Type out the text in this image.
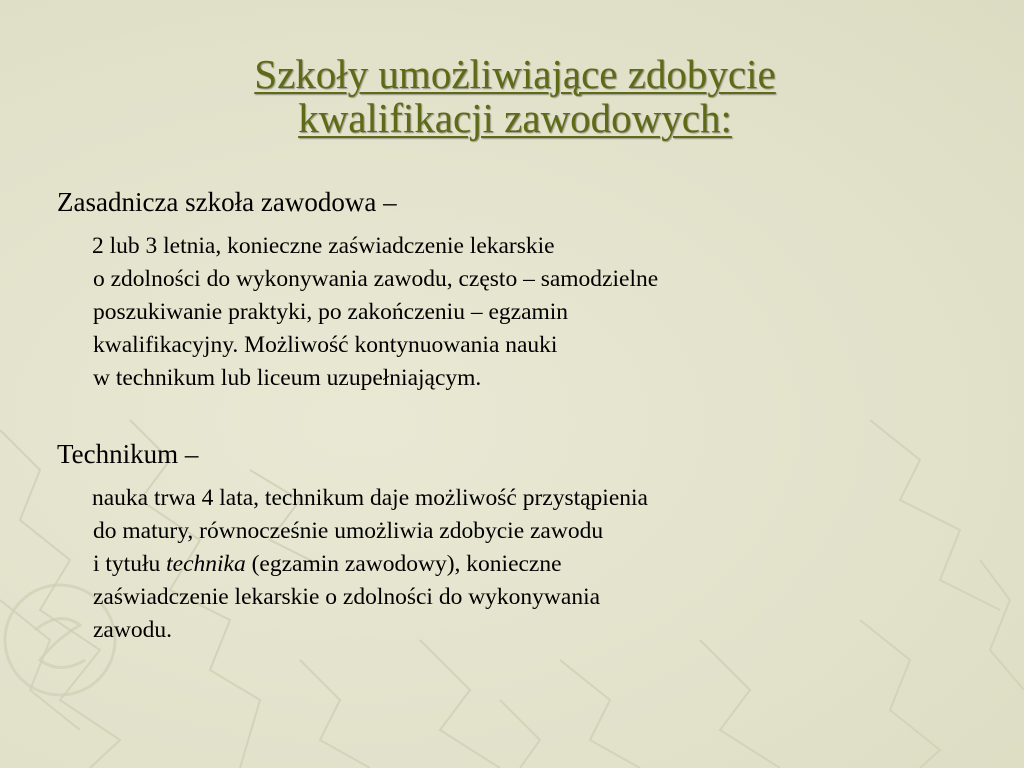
Szkoły umożliwiające zdobycie
kwalifikacji zawodowych:
Zasadnicza szkoła zawodowa –
2 lub 3 letnia, konieczne zaświadczenie lekarskie
o zdolności do wykonywania zawodu, często – samodzielne
poszukiwanie praktyki, po zakończeniu – egzamin
kwalifikacyjny. Możliwość kontynuowania nauki
w technikum lub liceum uzupełniającym.
Technikum –
nauka trwa 4 lata, technikum daje możliwość przystąpienia
do matury, równocześnie umożliwia zdobycie zawodu
i tytułu technika (egzamin zawodowy), konieczne
zaświadczenie lekarskie o zdolności do wykonywania
zawodu.
